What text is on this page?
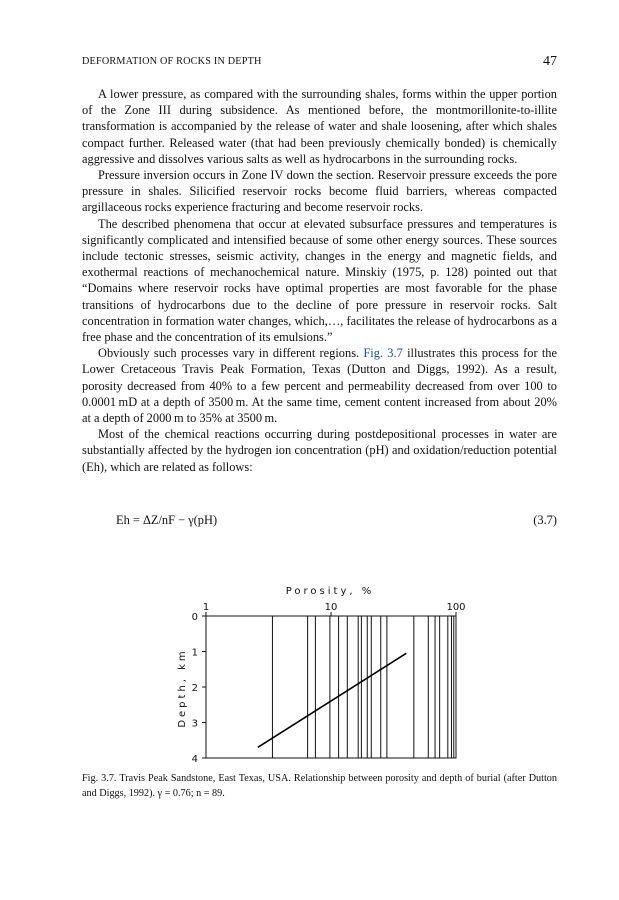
DEFORMATION OF ROCKS IN DEPTH	47

A lower pressure, as compared with the surrounding shales, forms within the upper portion of the Zone III during subsidence. As mentioned before, the montmorillonite-to-illite transformation is accompanied by the release of water and shale loosening, after which shales compact further. Released water (that had been previously chemically bonded) is chemically aggressive and dissolves various salts as well as hydrocarbons in the surrounding rocks.

Pressure inversion occurs in Zone IV down the section. Reservoir pressure exceeds the pore pressure in shales. Silicified reservoir rocks become fluid barriers, whereas compacted argillaceous rocks experience fracturing and become reservoir rocks.

The described phenomena that occur at elevated subsurface pressures and temperatures is significantly complicated and intensified because of some other energy sources. These sources include tectonic stresses, seismic activity, changes in the energy and magnetic fields, and exothermal reactions of mechanochemical nature. Minskiy (1975, p. 128) pointed out that “Domains where reservoir rocks have optimal properties are most favorable for the phase transitions of hydrocarbons due to the decline of pore pressure in reservoir rocks. Salt concentration in formation water changes, which,…, facilitates the release of hydrocarbons as a free phase and the concentration of its emulsions.”

Obviously such processes vary in different regions. Fig. 3.7 illustrates this process for the Lower Cretaceous Travis Peak Formation, Texas (Dutton and Diggs, 1992). As a result, porosity decreased from 40% to a few percent and permeability decreased from over 100 to 0.0001 mD at a depth of 3500 m. At the same time, cement content increased from about 20% at a depth of 2000 m to 35% at 3500 m.

Most of the chemical reactions occurring during postdepositional processes in water are substantially affected by the hydrogen ion concentration (pH) and oxidation/reduction potential (Eh), which are related as follows:

Eh = ΔZ/nF − γ(pH)	(3.7)
Porosity, %
Depth, km
1	10	100
0
1
2
3
4
Fig. 3.7. Travis Peak Sandstone, East Texas, USA. Relationship between porosity and depth of burial (after Dutton and Diggs, 1992). γ = 0.76; n = 89.
